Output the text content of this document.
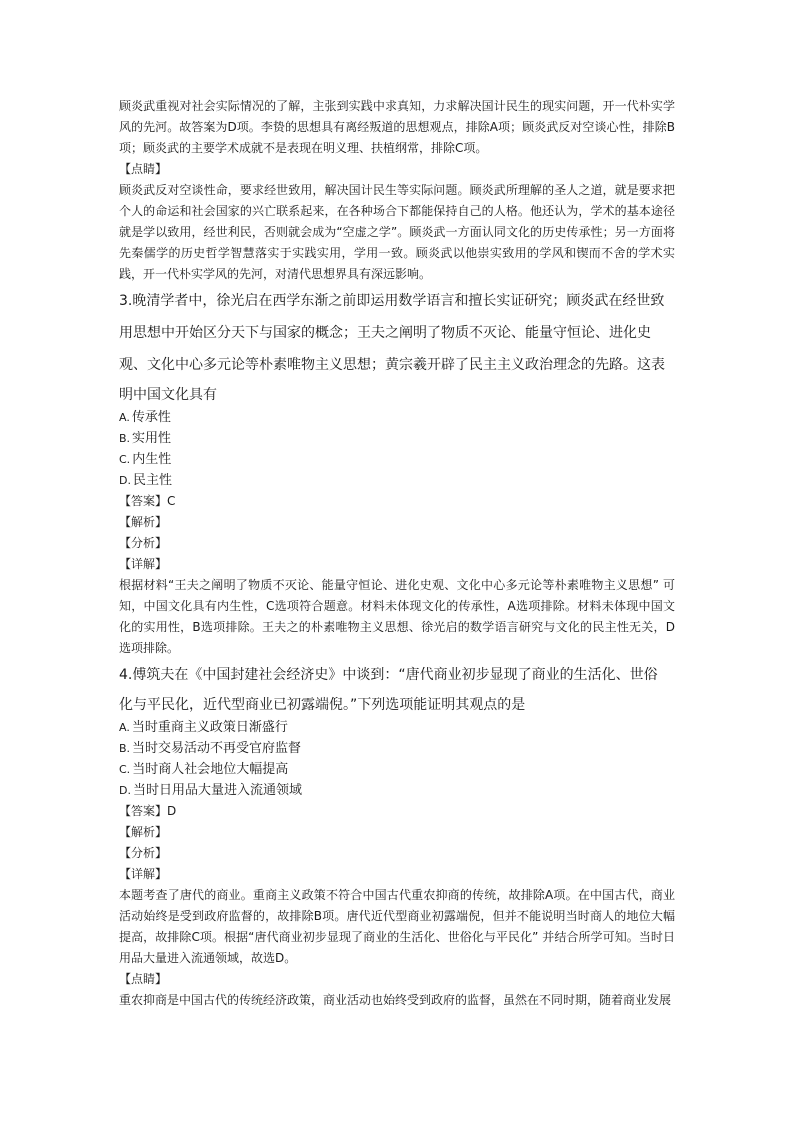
顾炎武重视对社会实际情况的了解，主张到实践中求真知，力求解决国计民生的现实问题，开一代朴实学风的先河。故答案为D项。李贽的思想具有离经叛道的思想观点，排除A项；顾炎武反对空谈心性，排除B项；顾炎武的主要学术成就不是表现在明义理、扶植纲常，排除C项。

【点睛】

顾炎武反对空谈性命，要求经世致用，解决国计民生等实际问题。顾炎武所理解的圣人之道，就是要求把个人的命运和社会国家的兴亡联系起来，在各种场合下都能保持自己的人格。他还认为，学术的基本途径就是学以致用，经世利民，否则就会成为“空虚之学”。顾炎武一方面认同文化的历史传承性；另一方面将先秦儒学的历史哲学智慧落实于实践实用，学用一致。顾炎武以他崇实致用的学风和锲而不舍的学术实践，开一代朴实学风的先河，对清代思想界具有深远影响。

3.晚清学者中，徐光启在西学东渐之前即运用数学语言和擅长实证研究；顾炎武在经世致

用思想中开始区分天下与国家的概念；王夫之阐明了物质不灭论、能量守恒论、进化史

观、文化中心多元论等朴素唯物主义思想；黄宗羲开辟了民主主义政治理念的先路。这表

明中国文化具有

A. 传承性

B. 实用性

C. 内生性

D. 民主性

【答案】C

【解析】

【分析】

【详解】

根据材料“王夫之阐明了物质不灭论、能量守恒论、进化史观、文化中心多元论等朴素唯物主义思想” 可知，中国文化具有内生性，C选项符合题意。材料未体现文化的传承性，A选项排除。材料未体现中国文化的实用性，B选项排除。王夫之的朴素唯物主义思想、徐光启的数学语言研究与文化的民主性无关，D选项排除。

4.傅筑夫在《中国封建社会经济史》中谈到：“唐代商业初步显现了商业的生活化、世俗

化与平民化，近代型商业已初露端倪。”下列选项能证明其观点的是

A. 当时重商主义政策日渐盛行

B. 当时交易活动不再受官府监督

C. 当时商人社会地位大幅提高

D. 当时日用品大量进入流通领域

【答案】D

【解析】

【分析】

【详解】

本题考查了唐代的商业。重商主义政策不符合中国古代重农抑商的传统，故排除A项。在中国古代，商业活动始终是受到政府监督的，故排除B项。唐代近代型商业初露端倪，但并不能说明当时商人的地位大幅提高，故排除C项。根据“唐代商业初步显现了商业的生活化、世俗化与平民化” 并结合所学可知。当时日用品大量进入流通领域，故选D。

【点睛】

重农抑商是中国古代的传统经济政策，商业活动也始终受到政府的监督，虽然在不同时期，随着商业发展
